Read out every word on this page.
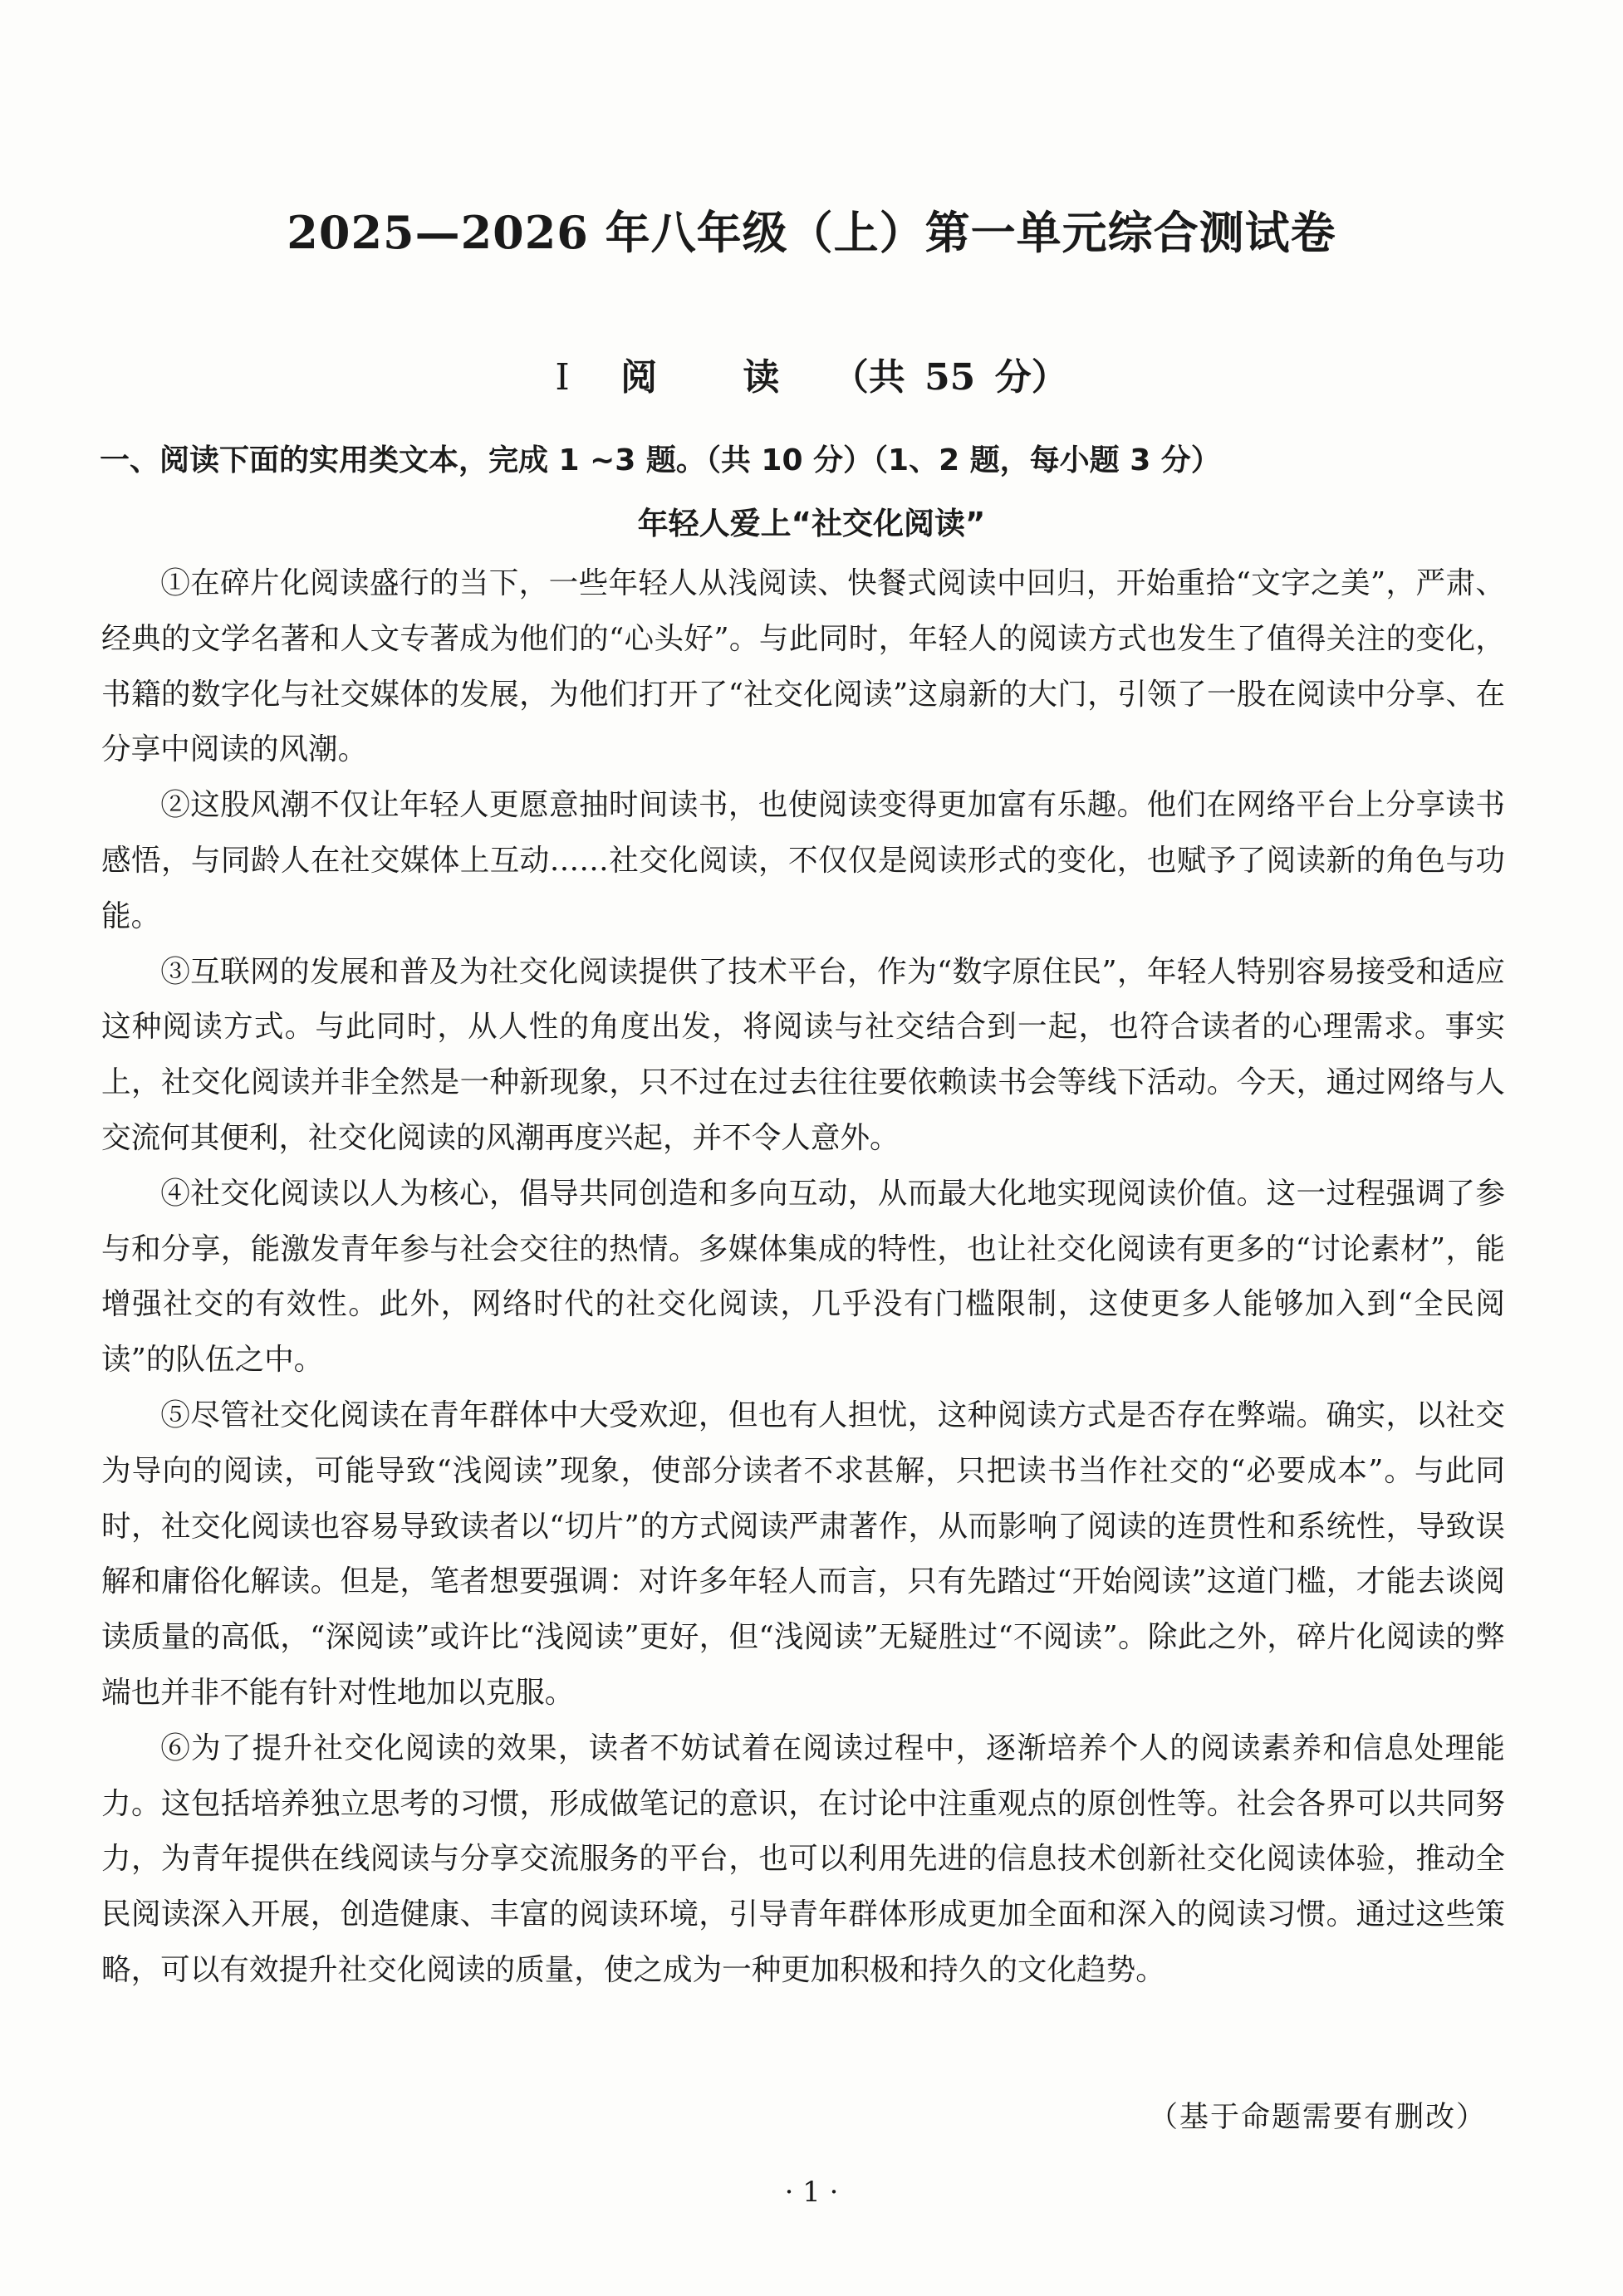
2025—2026 年八年级（上）第一单元综合测试卷
I 阅 读 （共 55 分）

一、阅读下面的实用类文本，完成 1 ~3 题。（共 10 分）（1、2 题，每小题 3 分）

年轻人爱上“社交化阅读”

①在碎片化阅读盛行的当下，一些年轻人从浅阅读、快餐式阅读中回归，开始重拾“文字之美”，严肃、经典的文学名著和人文专著成为他们的“心头好”。与此同时，年轻人的阅读方式也发生了值得关注的变化，书籍的数字化与社交媒体的发展，为他们打开了“社交化阅读”这扇新的大门，引领了一股在阅读中分享、在分享中阅读的风潮。

②这股风潮不仅让年轻人更愿意抽时间读书，也使阅读变得更加富有乐趣。他们在网络平台上分享读书感悟，与同龄人在社交媒体上互动……社交化阅读，不仅仅是阅读形式的变化，也赋予了阅读新的角色与功能。

③互联网的发展和普及为社交化阅读提供了技术平台，作为“数字原住民”，年轻人特别容易接受和适应这种阅读方式。与此同时，从人性的角度出发，将阅读与社交结合到一起，也符合读者的心理需求。事实上，社交化阅读并非全然是一种新现象，只不过在过去往往要依赖读书会等线下活动。今天，通过网络与人交流何其便利，社交化阅读的风潮再度兴起，并不令人意外。

④社交化阅读以人为核心，倡导共同创造和多向互动，从而最大化地实现阅读价值。这一过程强调了参与和分享，能激发青年参与社会交往的热情。多媒体集成的特性，也让社交化阅读有更多的“讨论素材”，能增强社交的有效性。此外，网络时代的社交化阅读，几乎没有门槛限制，这使更多人能够加入到“全民阅读”的队伍之中。

⑤尽管社交化阅读在青年群体中大受欢迎，但也有人担忧，这种阅读方式是否存在弊端。确实，以社交为导向的阅读，可能导致“浅阅读”现象，使部分读者不求甚解，只把读书当作社交的“必要成本”。与此同时，社交化阅读也容易导致读者以“切片”的方式阅读严肃著作，从而影响了阅读的连贯性和系统性，导致误解和庸俗化解读。但是，笔者想要强调：对许多年轻人而言，只有先踏过“开始阅读”这道门槛，才能去谈阅读质量的高低，“深阅读”或许比“浅阅读”更好，但“浅阅读”无疑胜过“不阅读”。除此之外，碎片化阅读的弊端也并非不能有针对性地加以克服。

⑥为了提升社交化阅读的效果，读者不妨试着在阅读过程中，逐渐培养个人的阅读素养和信息处理能力。这包括培养独立思考的习惯，形成做笔记的意识，在讨论中注重观点的原创性等。社会各界可以共同努力，为青年提供在线阅读与分享交流服务的平台，也可以利用先进的信息技术创新社交化阅读体验，推动全民阅读深入开展，创造健康、丰富的阅读环境，引导青年群体形成更加全面和深入的阅读习惯。通过这些策略，可以有效提升社交化阅读的质量，使之成为一种更加积极和持久的文化趋势。

（基于命题需要有删改）

· 1 ·
